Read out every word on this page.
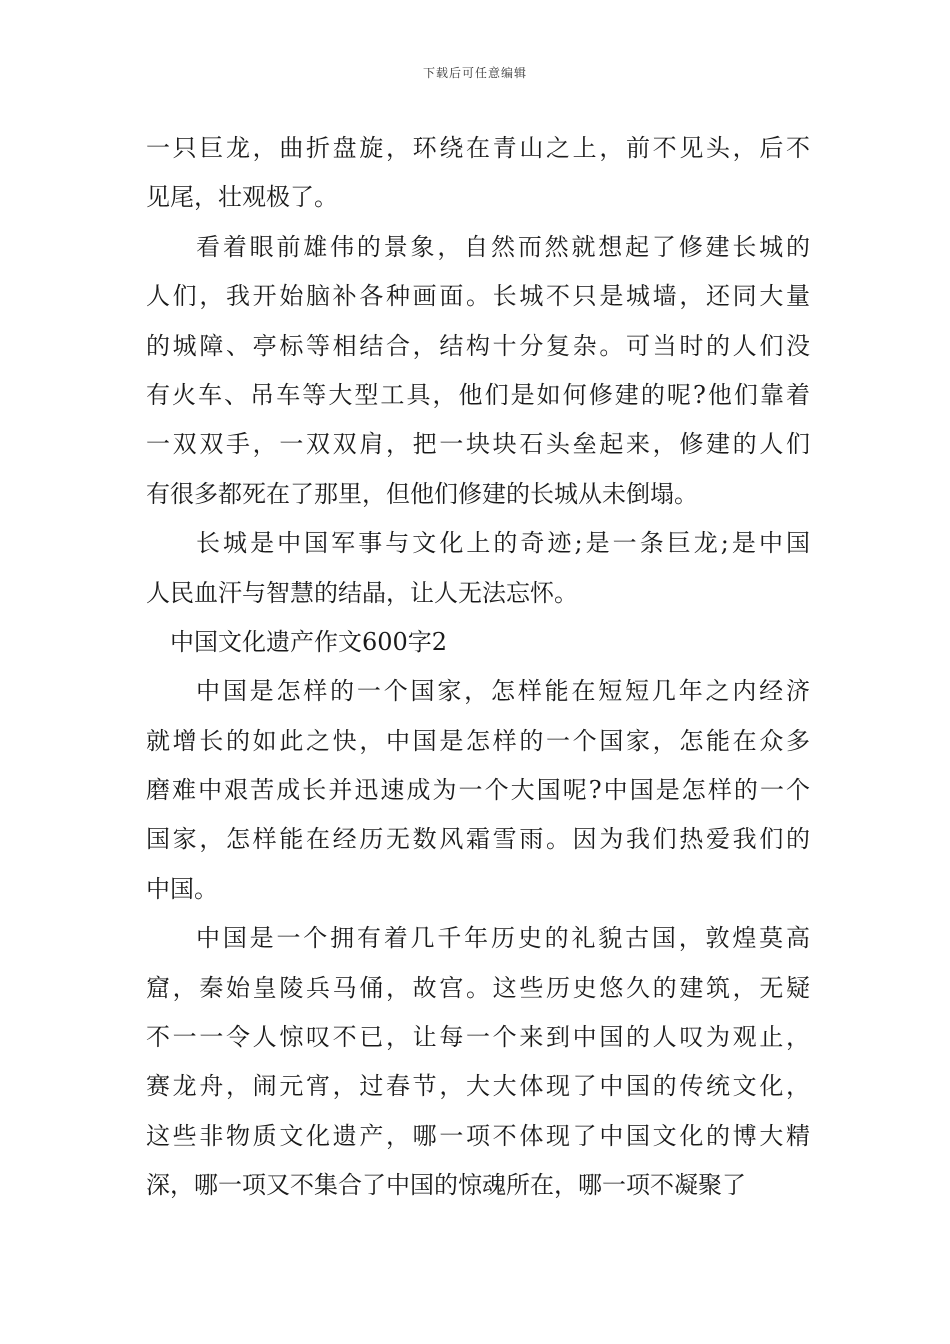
下载后可任意编辑
一只巨龙，曲折盘旋，环绕在青山之上，前不见头，后不
见尾，壮观极了。
看着眼前雄伟的景象，自然而然就想起了修建长城的
人们，我开始脑补各种画面。长城不只是城墙，还同大量
的城障、亭标等相结合，结构十分复杂。可当时的人们没
有火车、吊车等大型工具，他们是如何修建的呢?他们靠着
一双双手，一双双肩，把一块块石头垒起来，修建的人们
有很多都死在了那里，但他们修建的长城从未倒塌。
长城是中国军事与文化上的奇迹;是一条巨龙;是中国
人民血汗与智慧的结晶，让人无法忘怀。
中国文化遗产作文600字2
中国是怎样的一个国家，怎样能在短短几年之内经济
就增长的如此之快，中国是怎样的一个国家，怎能在众多
磨难中艰苦成长并迅速成为一个大国呢?中国是怎样的一个
国家，怎样能在经历无数风霜雪雨。因为我们热爱我们的
中国。
中国是一个拥有着几千年历史的礼貌古国，敦煌莫高
窟，秦始皇陵兵马俑，故宫。这些历史悠久的建筑，无疑
不一一令人惊叹不已，让每一个来到中国的人叹为观止，
赛龙舟，闹元宵，过春节，大大体现了中国的传统文化，
这些非物质文化遗产，哪一项不体现了中国文化的博大精
深，哪一项又不集合了中国的惊魂所在，哪一项不凝聚了
